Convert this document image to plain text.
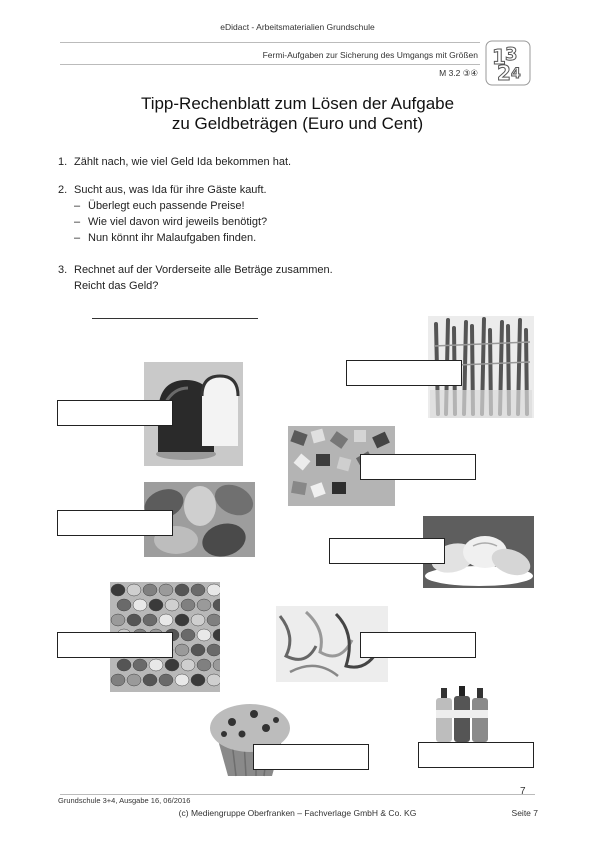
eDidact - Arbeitsmaterialien Grundschule
Fermi-Aufgaben zur Sicherung des Umgangs mit Größen
M 3.2 ③④
1 3
2 4
Tipp-Rechenblatt zum Lösen der Aufgabe
zu Geldbeträgen (Euro und Cent)
1. Zählt nach, wie viel Geld Ida bekommen hat.
2. Sucht aus, was Ida für ihre Gäste kauft.
– Überlegt euch passende Preise!
– Wie viel davon wird jeweils benötigt?
– Nun könnt ihr Malaufgaben finden.
3. Rechnet auf der Vorderseite alle Beträge zusammen.
Reicht das Geld?
Grundschule 3+4, Ausgabe 16, 06/2016
7
(c) Mediengruppe Oberfranken – Fachverlage GmbH & Co. KG	Seite 7
